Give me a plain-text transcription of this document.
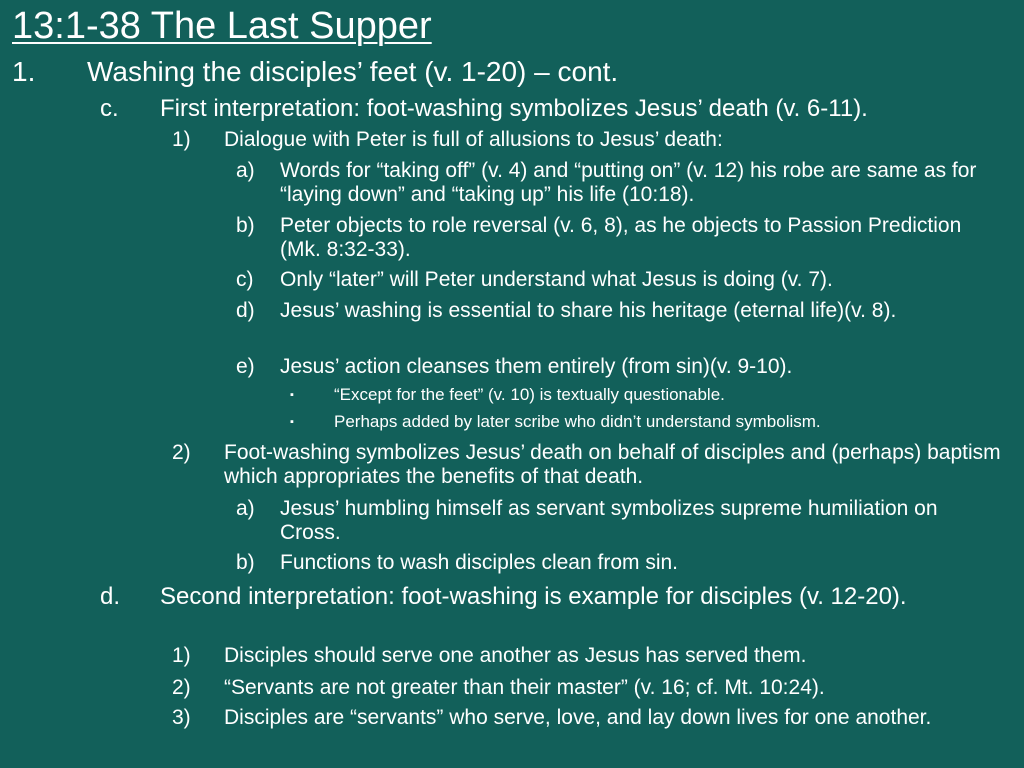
13:1-38 The Last Supper
1.	Washing the disciples’ feet (v. 1-20) – cont.
c.	First interpretation: foot-washing symbolizes Jesus’ death (v. 6-11).
1)	Dialogue with Peter is full of allusions to Jesus’ death:
a)	Words for “taking off” (v. 4) and “putting on” (v. 12) his robe are same as for “laying down” and “taking up” his life (10:18).
b)	Peter objects to role reversal (v. 6, 8), as he objects to Passion Prediction (Mk. 8:32-33).
c)	Only “later” will Peter understand what Jesus is doing (v. 7).
d)	Jesus’ washing is essential to share his heritage (eternal life)(v. 8).
e)	Jesus’ action cleanses them entirely (from sin)(v. 9-10).
▪	“Except for the feet” (v. 10) is textually questionable.
▪	Perhaps added by later scribe who didn’t understand symbolism.
2)	Foot-washing symbolizes Jesus’ death on behalf of disciples and (perhaps) baptism which appropriates the benefits of that death.
a)	Jesus’ humbling himself as servant symbolizes supreme humiliation on Cross.
b)	Functions to wash disciples clean from sin.
d.	Second interpretation: foot-washing is example for disciples (v. 12-20).
1)	Disciples should serve one another as Jesus has served them.
2)	“Servants are not greater than their master” (v. 16; cf. Mt. 10:24).
3)	Disciples are “servants” who serve, love, and lay down lives for one another.
